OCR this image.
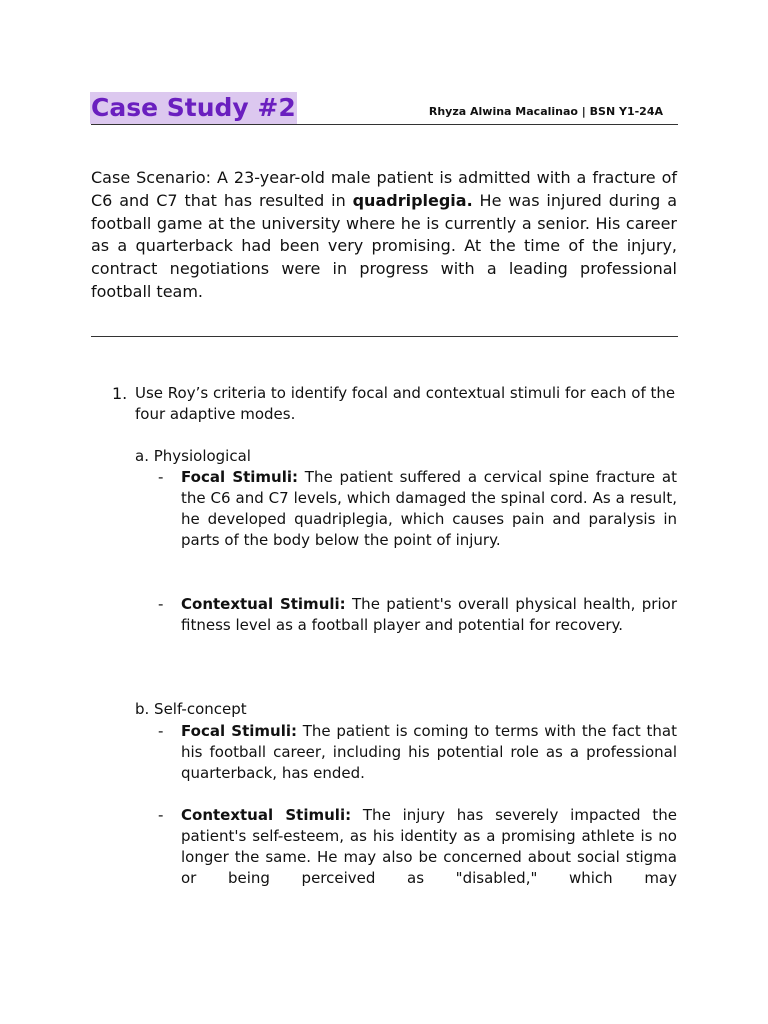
Case Study #2	Rhyza Alwina Macalinao | BSN Y1-24A
Case Scenario: A 23-year-old male patient is admitted with a fracture of C6 and C7 that has resulted in quadriplegia. He was injured during a football game at the university where he is currently a senior. His career as a quarterback had been very promising. At the time of the injury, contract negotiations were in progress with a leading professional football team.
1. Use Roy’s criteria to identify focal and contextual stimuli for each of the four adaptive modes.
a. Physiological
- Focal Stimuli: The patient suffered a cervical spine fracture at the C6 and C7 levels, which damaged the spinal cord. As a result, he developed quadriplegia, which causes pain and paralysis in parts of the body below the point of injury.
- Contextual Stimuli: The patient's overall physical health, prior fitness level as a football player and potential for recovery.
b. Self-concept
- Focal Stimuli: The patient is coming to terms with the fact that his football career, including his potential role as a professional quarterback, has ended.
- Contextual Stimuli: The injury has severely impacted the patient's self-esteem, as his identity as a promising athlete is no longer the same. He may also be concerned about social stigma or being perceived as "disabled," which may
